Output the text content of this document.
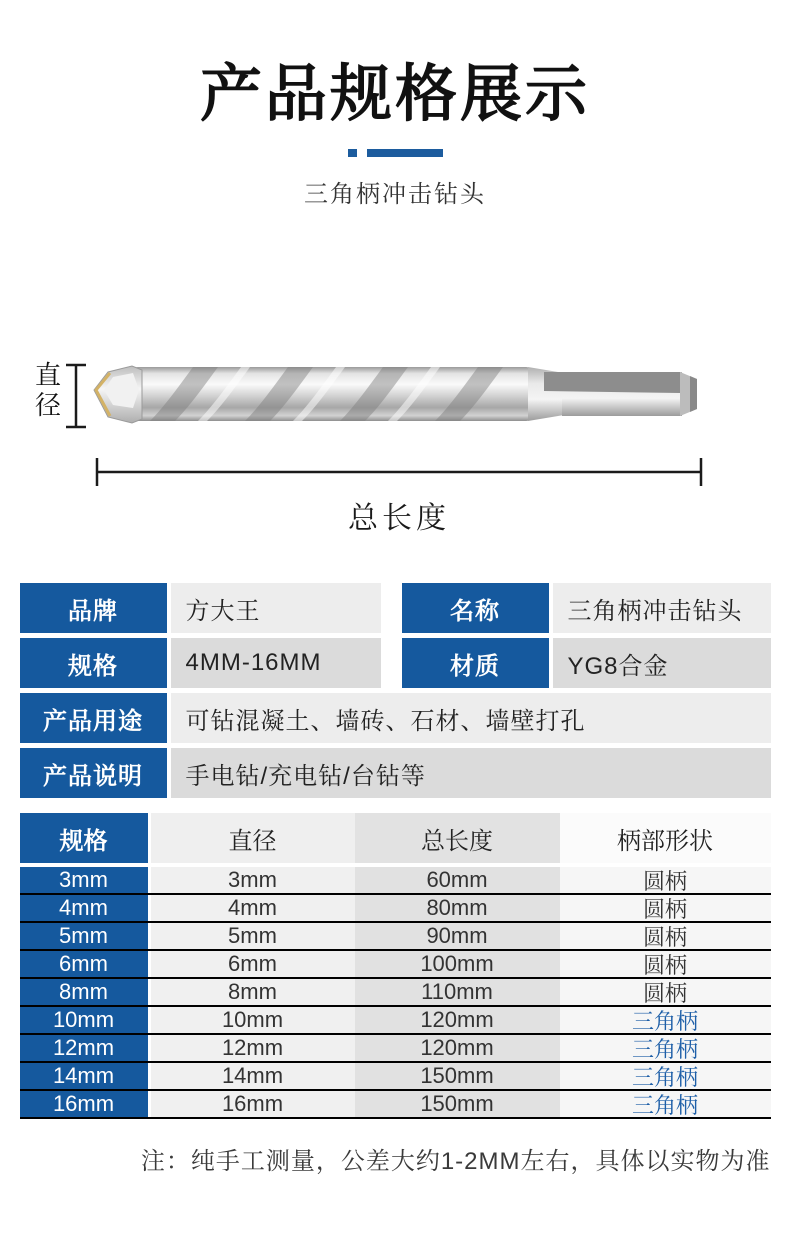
产品规格展示
三角柄冲击钻头
直径
总长度
品牌	方大王	名称	三角柄冲击钻头
规格	4MM-16MM	材质	YG8合金
产品用途	可钻混凝土、墙砖、石材、墙壁打孔
产品说明	手电钻/充电钻/台钻等
规格	直径	总长度	柄部形状
3mm	3mm	60mm	圆柄
4mm	4mm	80mm	圆柄
5mm	5mm	90mm	圆柄
6mm	6mm	100mm	圆柄
8mm	8mm	110mm	圆柄
10mm	10mm	120mm	三角柄
12mm	12mm	120mm	三角柄
14mm	14mm	150mm	三角柄
16mm	16mm	150mm	三角柄
注：纯手工测量，公差大约1-2MM左右，具体以实物为准
